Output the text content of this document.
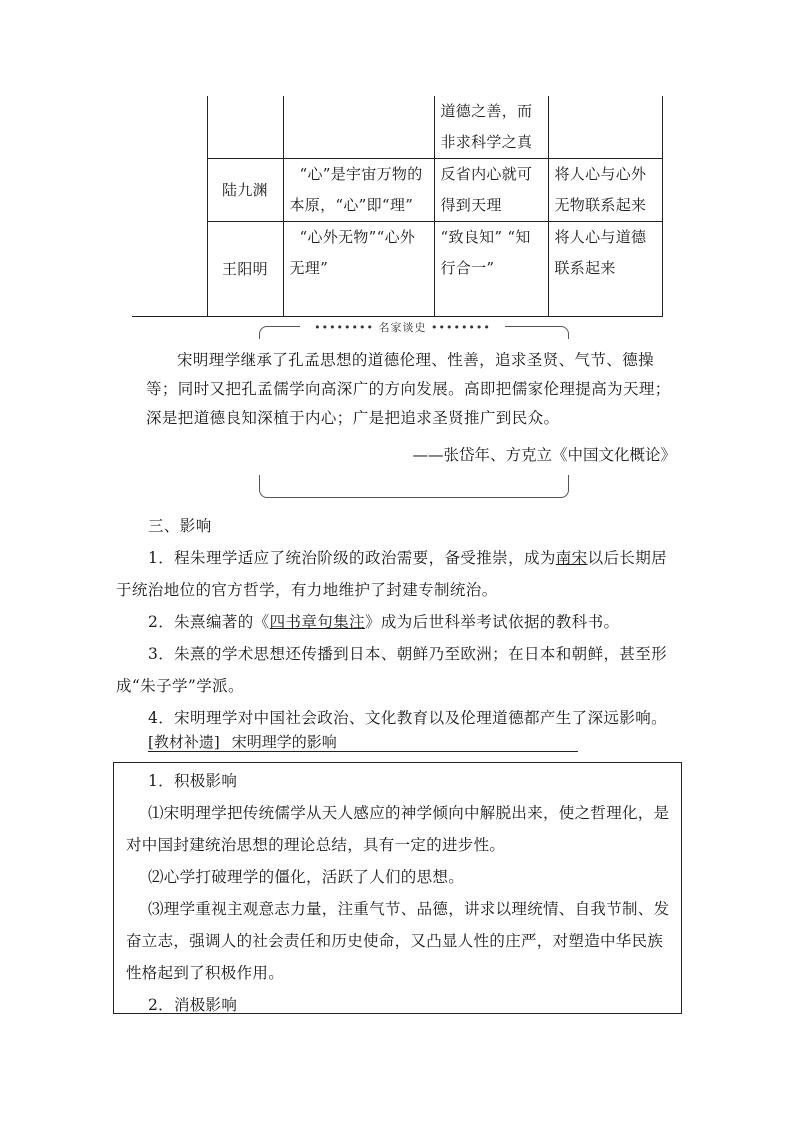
			道德之善，而非求科学之真	
	陆九渊	“心”是宇宙万物的本原，“心”即“理”	反省内心就可得到天理	将人心与心外无物联系起来
	王阳明	“心外无物”“心外无理”	“致良知” “知行合一”	将人心与道德联系起来
•••••••• 名家谈史 ••••••••
宋明理学继承了孔孟思想的道德伦理、性善，追求圣贤、气节、德操等；同时又把孔孟儒学向高深广的方向发展。高即把儒家伦理提高为天理；深是把道德良知深植于内心；广是把追求圣贤推广到民众。
——张岱年、方克立《中国文化概论》
三、影响
1．程朱理学适应了统治阶级的政治需要，备受推崇，成为南宋以后长期居于统治地位的官方哲学，有力地维护了封建专制统治。
2．朱熹编著的《四书章句集注》成为后世科举考试依据的教科书。
3．朱熹的学术思想还传播到日本、朝鲜乃至欧洲；在日本和朝鲜，甚至形成“朱子学”学派。
4．宋明理学对中国社会政治、文化教育以及伦理道德都产生了深远影响。
[教材补遗] 宋明理学的影响
1．积极影响
⑴宋明理学把传统儒学从天人感应的神学倾向中解脱出来，使之哲理化，是对中国封建统治思想的理论总结，具有一定的进步性。
⑵心学打破理学的僵化，活跃了人们的思想。
⑶理学重视主观意志力量，注重气节、品德，讲求以理统情、自我节制、发奋立志，强调人的社会责任和历史使命，又凸显人性的庄严，对塑造中华民族性格起到了积极作用。
2．消极影响
